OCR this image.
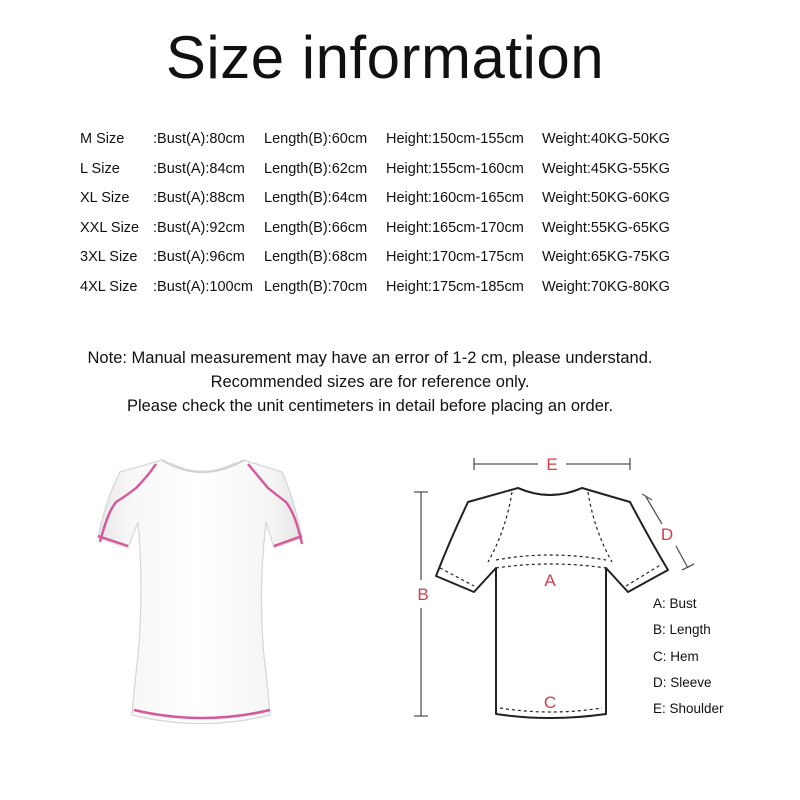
Size information
M Size :Bust(A):80cm Length(B):60cm Height:150cm-155cm Weight:40KG-50KG
L Size :Bust(A):84cm Length(B):62cm Height:155cm-160cm Weight:45KG-55KG
XL Size :Bust(A):88cm Length(B):64cm Height:160cm-165cm Weight:50KG-60KG
XXL Size :Bust(A):92cm Length(B):66cm Height:165cm-170cm Weight:55KG-65KG
3XL Size :Bust(A):96cm Length(B):68cm Height:170cm-175cm Weight:65KG-75KG
4XL Size :Bust(A):100cm Length(B):70cm Height:175cm-185cm Weight:70KG-80KG
Note: Manual measurement may have an error of 1-2 cm, please understand.
Recommended sizes are for reference only.
Please check the unit centimeters in detail before placing an order.
E
B
D
A
C
A: Bust
B: Length
C: Hem
D: Sleeve
E: Shoulder
